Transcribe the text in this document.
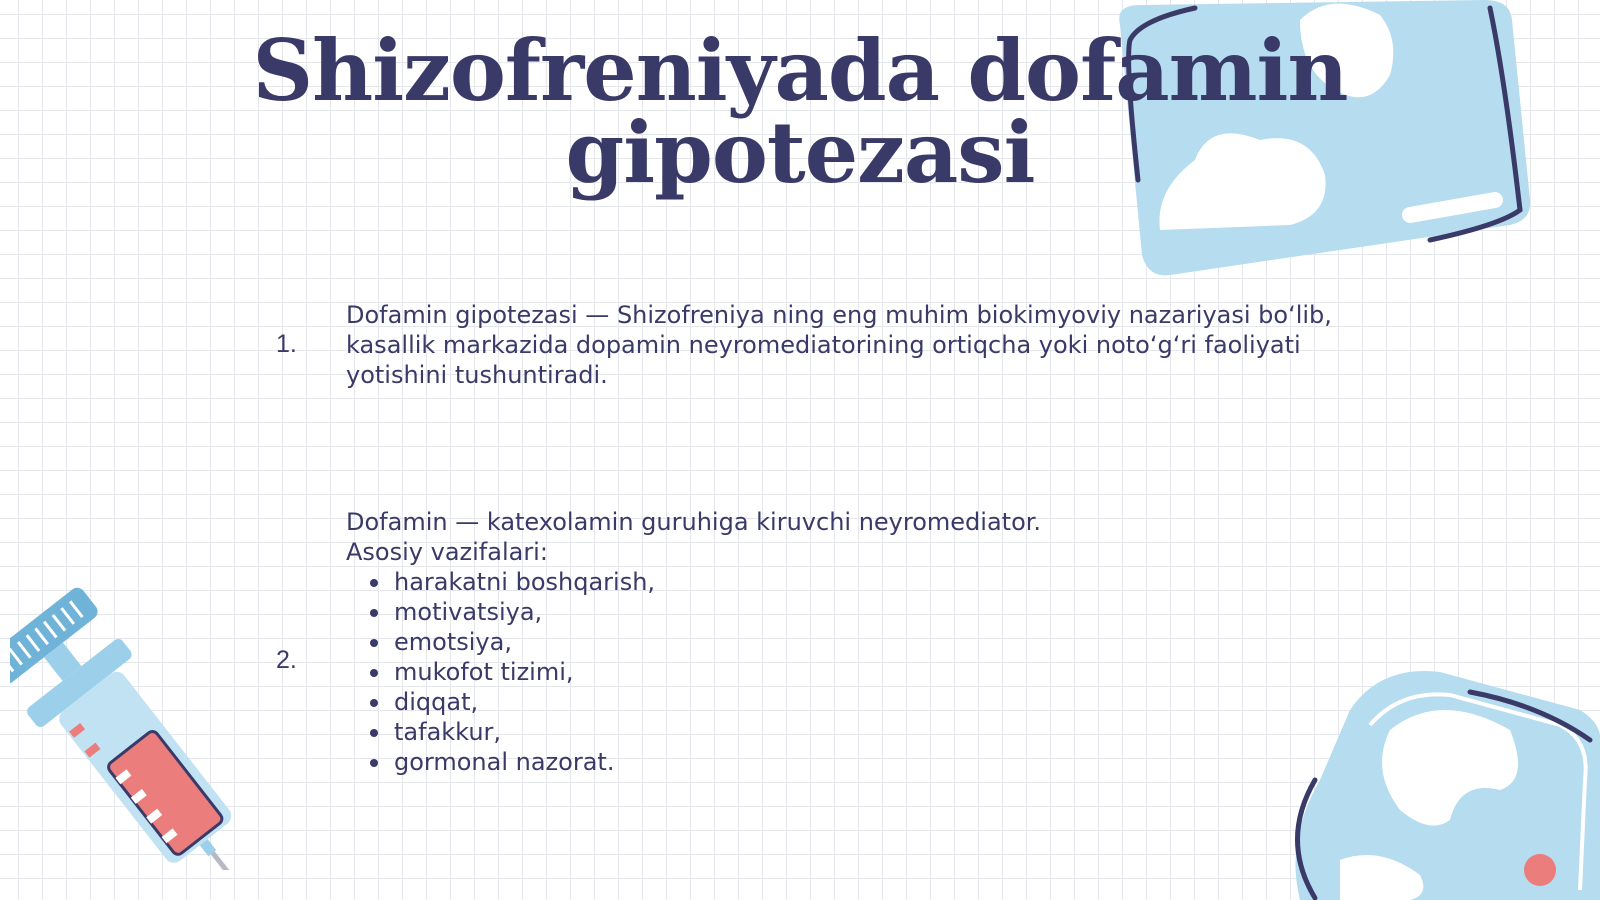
Shizofreniyada dofamin
gipotezasi
1.
Dofamin gipotezasi — Shizofreniya ning eng muhim biokimyoviy nazariyasi bo‘lib, kasallik markazida dopamin neyromediatorining ortiqcha yoki noto‘g‘ri faoliyati yotishini tushuntiradi.
2.

Dofamin — katexolamin guruhiga kiruvchi neyromediator.

Asosiy vazifalari:

harakatni boshqarish,
motivatsiya,
emotsiya,
mukofot tizimi,
diqqat,
tafakkur,
gormonal nazorat.
